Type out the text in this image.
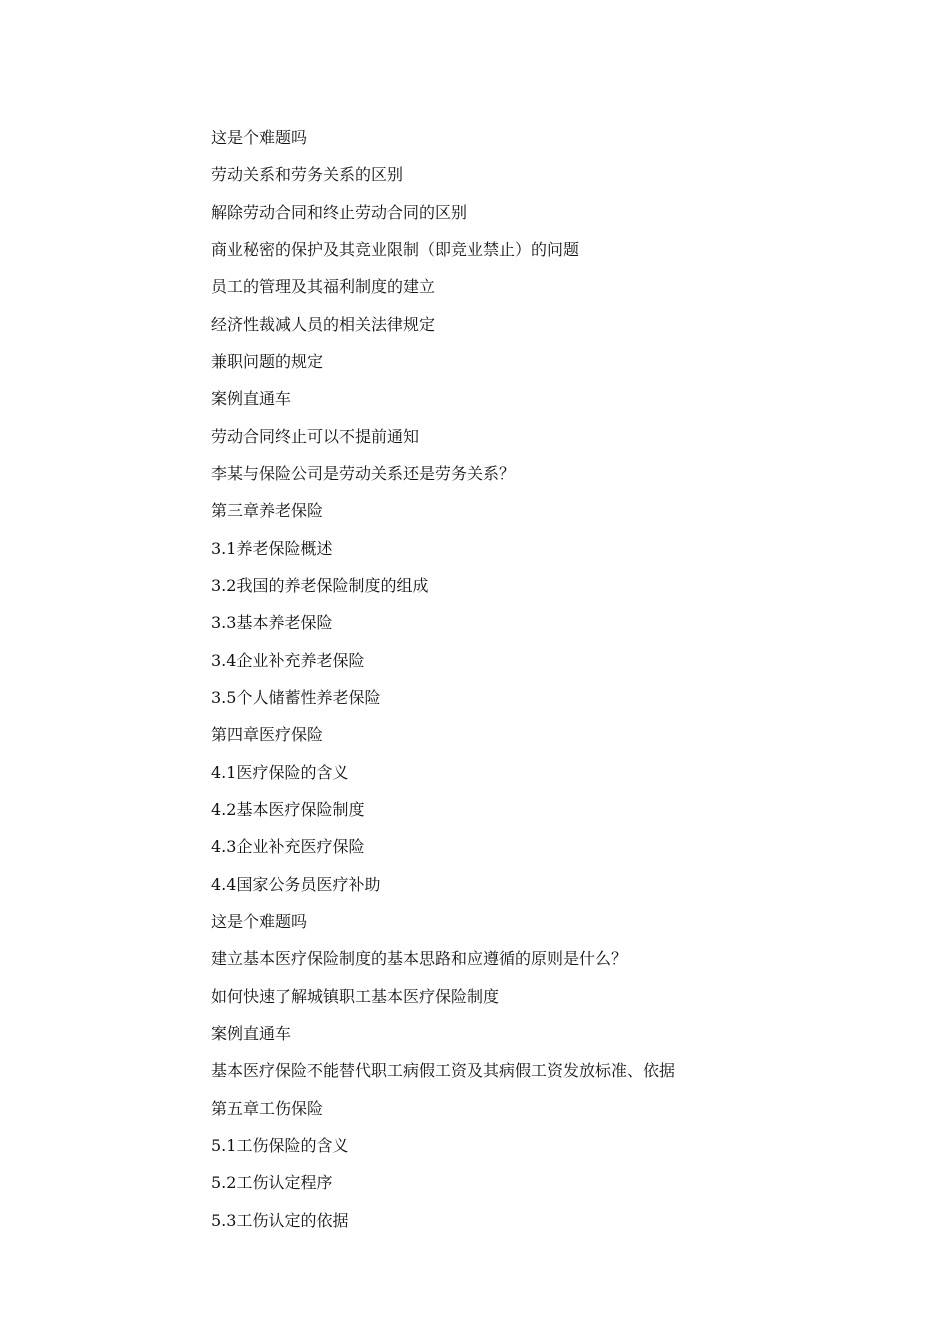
这是个难题吗
劳动关系和劳务关系的区别
解除劳动合同和终止劳动合同的区别
商业秘密的保护及其竞业限制（即竞业禁止）的问题
员工的管理及其福利制度的建立
经济性裁减人员的相关法律规定
兼职问题的规定
案例直通车
劳动合同终止可以不提前通知
李某与保险公司是劳动关系还是劳务关系？
第三章养老保险
3.1养老保险概述
3.2我国的养老保险制度的组成
3.3基本养老保险
3.4企业补充养老保险
3.5个人储蓄性养老保险
第四章医疗保险
4.1医疗保险的含义
4.2基本医疗保险制度
4.3企业补充医疗保险
4.4国家公务员医疗补助
这是个难题吗
建立基本医疗保险制度的基本思路和应遵循的原则是什么？
如何快速了解城镇职工基本医疗保险制度
案例直通车
基本医疗保险不能替代职工病假工资及其病假工资发放标准、依据
第五章工伤保险
5.1工伤保险的含义
5.2工伤认定程序
5.3工伤认定的依据
